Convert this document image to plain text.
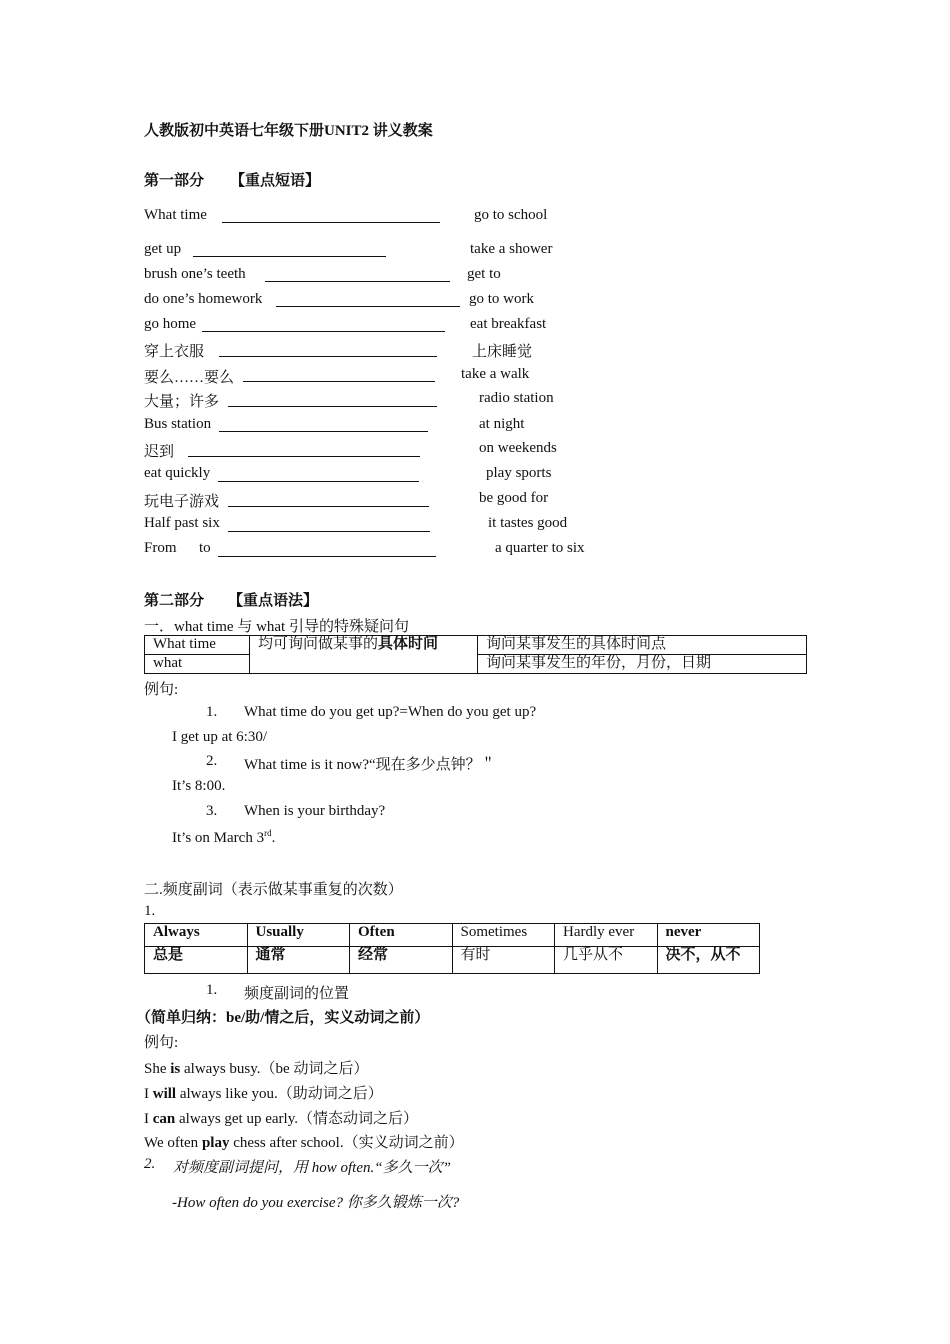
人教版初中英语七年级下册UNIT2 讲义教案
第一部分 【重点短语】
What time	go to school
get up	take a shower
brush one’s teeth	get to
do one’s homework	go to work
go home	eat breakfast
穿上衣服	上床睡觉
要么……要么	take a walk
大量；许多	radio station
Bus station	at night
迟到	on weekends
eat quickly	play sports
玩电子游戏	be good for
Half past six	it tastes good
From      to	a quarter to six
第二部分 【重点语法】
一．what time 与 what 引导的特殊疑问句
What time	均可询问做某事的具体时间	询问某事发生的具体时间点
what		询问某事发生的年份，月份，日期
例句:
1. What time do you get up?=When do you get up?
I get up at 6:30/
2. What time is it now?“现在多少点钟？＂
It’s 8:00.
3. When is your birthday?
It’s on March 3rd.
二.频度副词（表示做某事重复的次数）
1.
Always	Usually	Often	Sometimes	Hardly ever	never
总是	通常	经常	有时	几乎从不	决不，从不
1. 频度副词的位置
（简单归纳：be/助/情之后，实义动词之前）
例句:
She is always busy.（be 动词之后）
I will always like you.（助动词之后）
I can always get up early.（情态动词之后）
We often play chess after school.（实义动词之前）
2. 对频度副词提问，用 how often.“多久一次”
-How often do you exercise? 你多久锻炼一次?
